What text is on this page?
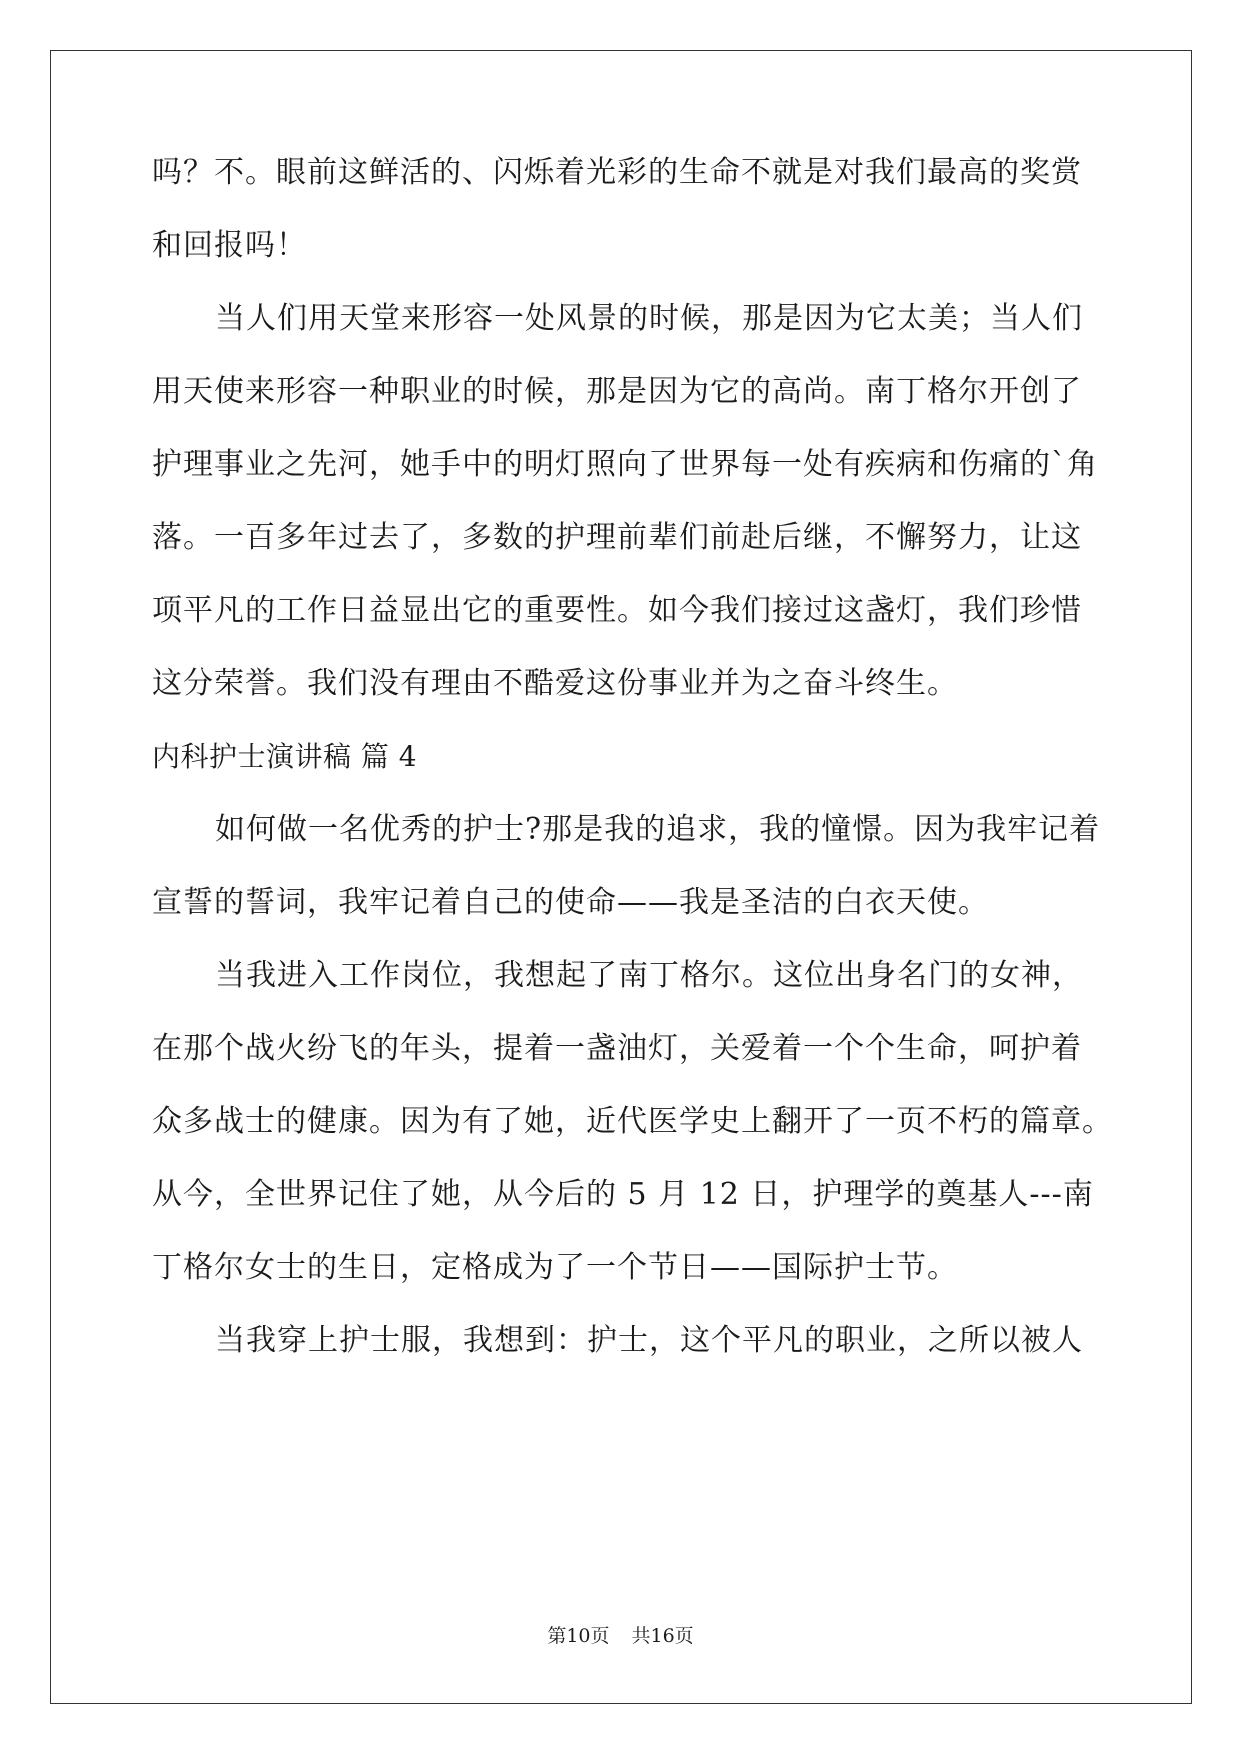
吗？不。眼前这鲜活的、闪烁着光彩的生命不就是对我们最高的奖赏
和回报吗！
当人们用天堂来形容一处风景的时候，那是因为它太美；当人们
用天使来形容一种职业的时候，那是因为它的高尚。南丁格尔开创了
护理事业之先河，她手中的明灯照向了世界每一处有疾病和伤痛的`角
落。一百多年过去了，多数的护理前辈们前赴后继，不懈努力，让这
项平凡的工作日益显出它的重要性。如今我们接过这盏灯，我们珍惜
这分荣誉。我们没有理由不酷爱这份事业并为之奋斗终生。
内科护士演讲稿 篇 4
如何做一名优秀的护士?那是我的追求，我的憧憬。因为我牢记着
宣誓的誓词，我牢记着自己的使命——我是圣洁的白衣天使。
当我进入工作岗位，我想起了南丁格尔。这位出身名门的女神，
在那个战火纷飞的年头，提着一盏油灯，关爱着一个个生命，呵护着
众多战士的健康。因为有了她，近代医学史上翻开了一页不朽的篇章。
从今，全世界记住了她，从今后的 5 月 12 日，护理学的奠基人---南
丁格尔女士的生日，定格成为了一个节日——国际护士节。
当我穿上护士服，我想到：护士，这个平凡的职业，之所以被人
第10页 共16页
